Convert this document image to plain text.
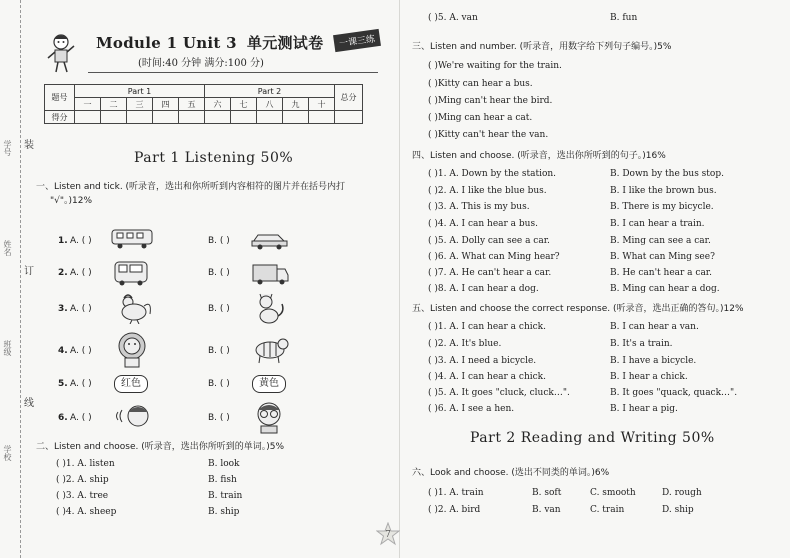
学号
姓名
班级
学校
装
订
线
Module 1 Unit 3 单元测试卷
(时间:40 分钟 满分:100 分)
一课三练
题号	Part 1					Part 2					总分
	一	二	三	四	五	六	七	八	九	十	
得分											
Part 1 Listening 50%
一、Listen and tick. (听录音，选出和你所听到内容相符的图片并在括号内打
"√"。)12%
1. A. ( )	B. ( )
2. A. ( )	B. ( )
3. A. ( )	B. ( )
4. A. ( )	B. ( )
5. A. ( )	B. ( )
红色	黄色
6. A. ( )	B. ( )
二、Listen and choose. (听录音，选出你所听到的单词。)5%
( )1. A. listen	B. look
( )2. A. ship	B. fish
( )3. A. tree	B. train
( )4. A. sheep	B. ship
7
( )5. A. van	B. fun
三、Listen and number. (听录音，用数字给下列句子编号。)5%
( )We're waiting for the train.
( )Kitty can hear a bus.
( )Ming can't hear the bird.
( )Ming can hear a cat.
( )Kitty can't hear the van.
四、Listen and choose. (听录音，选出你所听到的句子。)16%
( )1. A. Down by the station.	B. Down by the bus stop.
( )2. A. I like the blue bus.	B. I like the brown bus.
( )3. A. This is my bus.	B. There is my bicycle.
( )4. A. I can hear a bus.	B. I can hear a train.
( )5. A. Dolly can see a car.	B. Ming can see a car.
( )6. A. What can Ming hear?	B. What can Ming see?
( )7. A. He can't hear a car.	B. He can't hear a car.
( )8. A. I can hear a dog.	B. Ming can hear a dog.
五、Listen and choose the correct response. (听录音，选出正确的答句。)12%
( )1. A. I can hear a chick.	B. I can hear a van.
( )2. A. It's blue.	B. It's a train.
( )3. A. I need a bicycle.	B. I have a bicycle.
( )4. A. I can hear a chick.	B. I hear a chick.
( )5. A. It goes "cluck, cluck…".	B. It goes "quack, quack…".
( )6. A. I see a hen.	B. I hear a pig.
Part 2 Reading and Writing 50%
六、Look and choose. (选出不同类的单词。)6%
( )1. A. train	B. soft	C. smooth	D. rough
( )2. A. bird	B. van	C. train	D. ship
